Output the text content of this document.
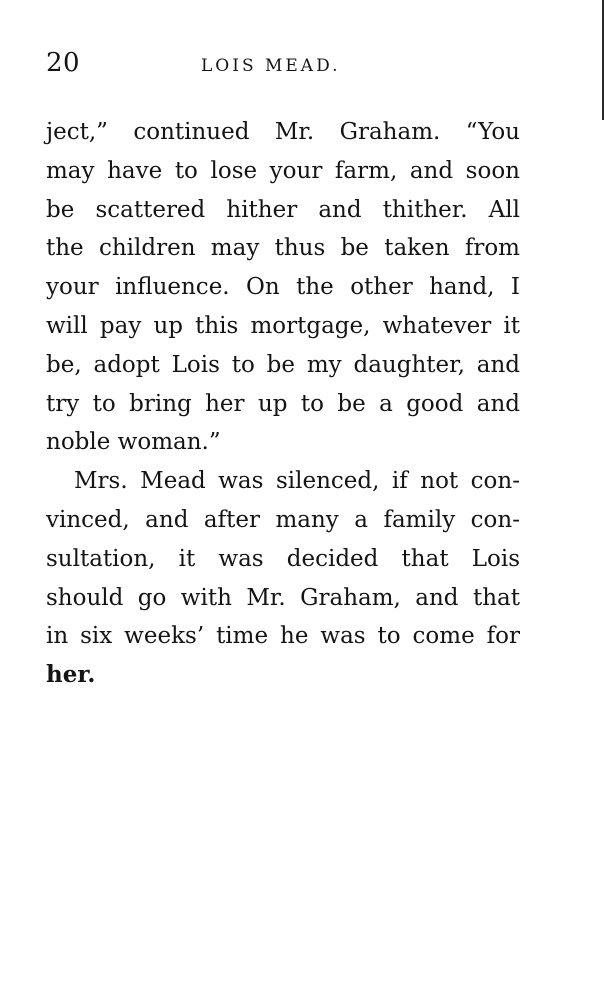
20	LOIS MEAD.
ject,” continued Mr. Graham. “You
may have to lose your farm, and soon
be scattered hither and thither. All
the children may thus be taken from
your influence. On the other hand, I
will pay up this mortgage, whatever it
be, adopt Lois to be my daughter, and
try to bring her up to be a good and
noble woman.”
Mrs. Mead was silenced, if not con-
vinced, and after many a family con-
sultation, it was decided that Lois
should go with Mr. Graham, and that
in six weeks’ time he was to come for
her.
